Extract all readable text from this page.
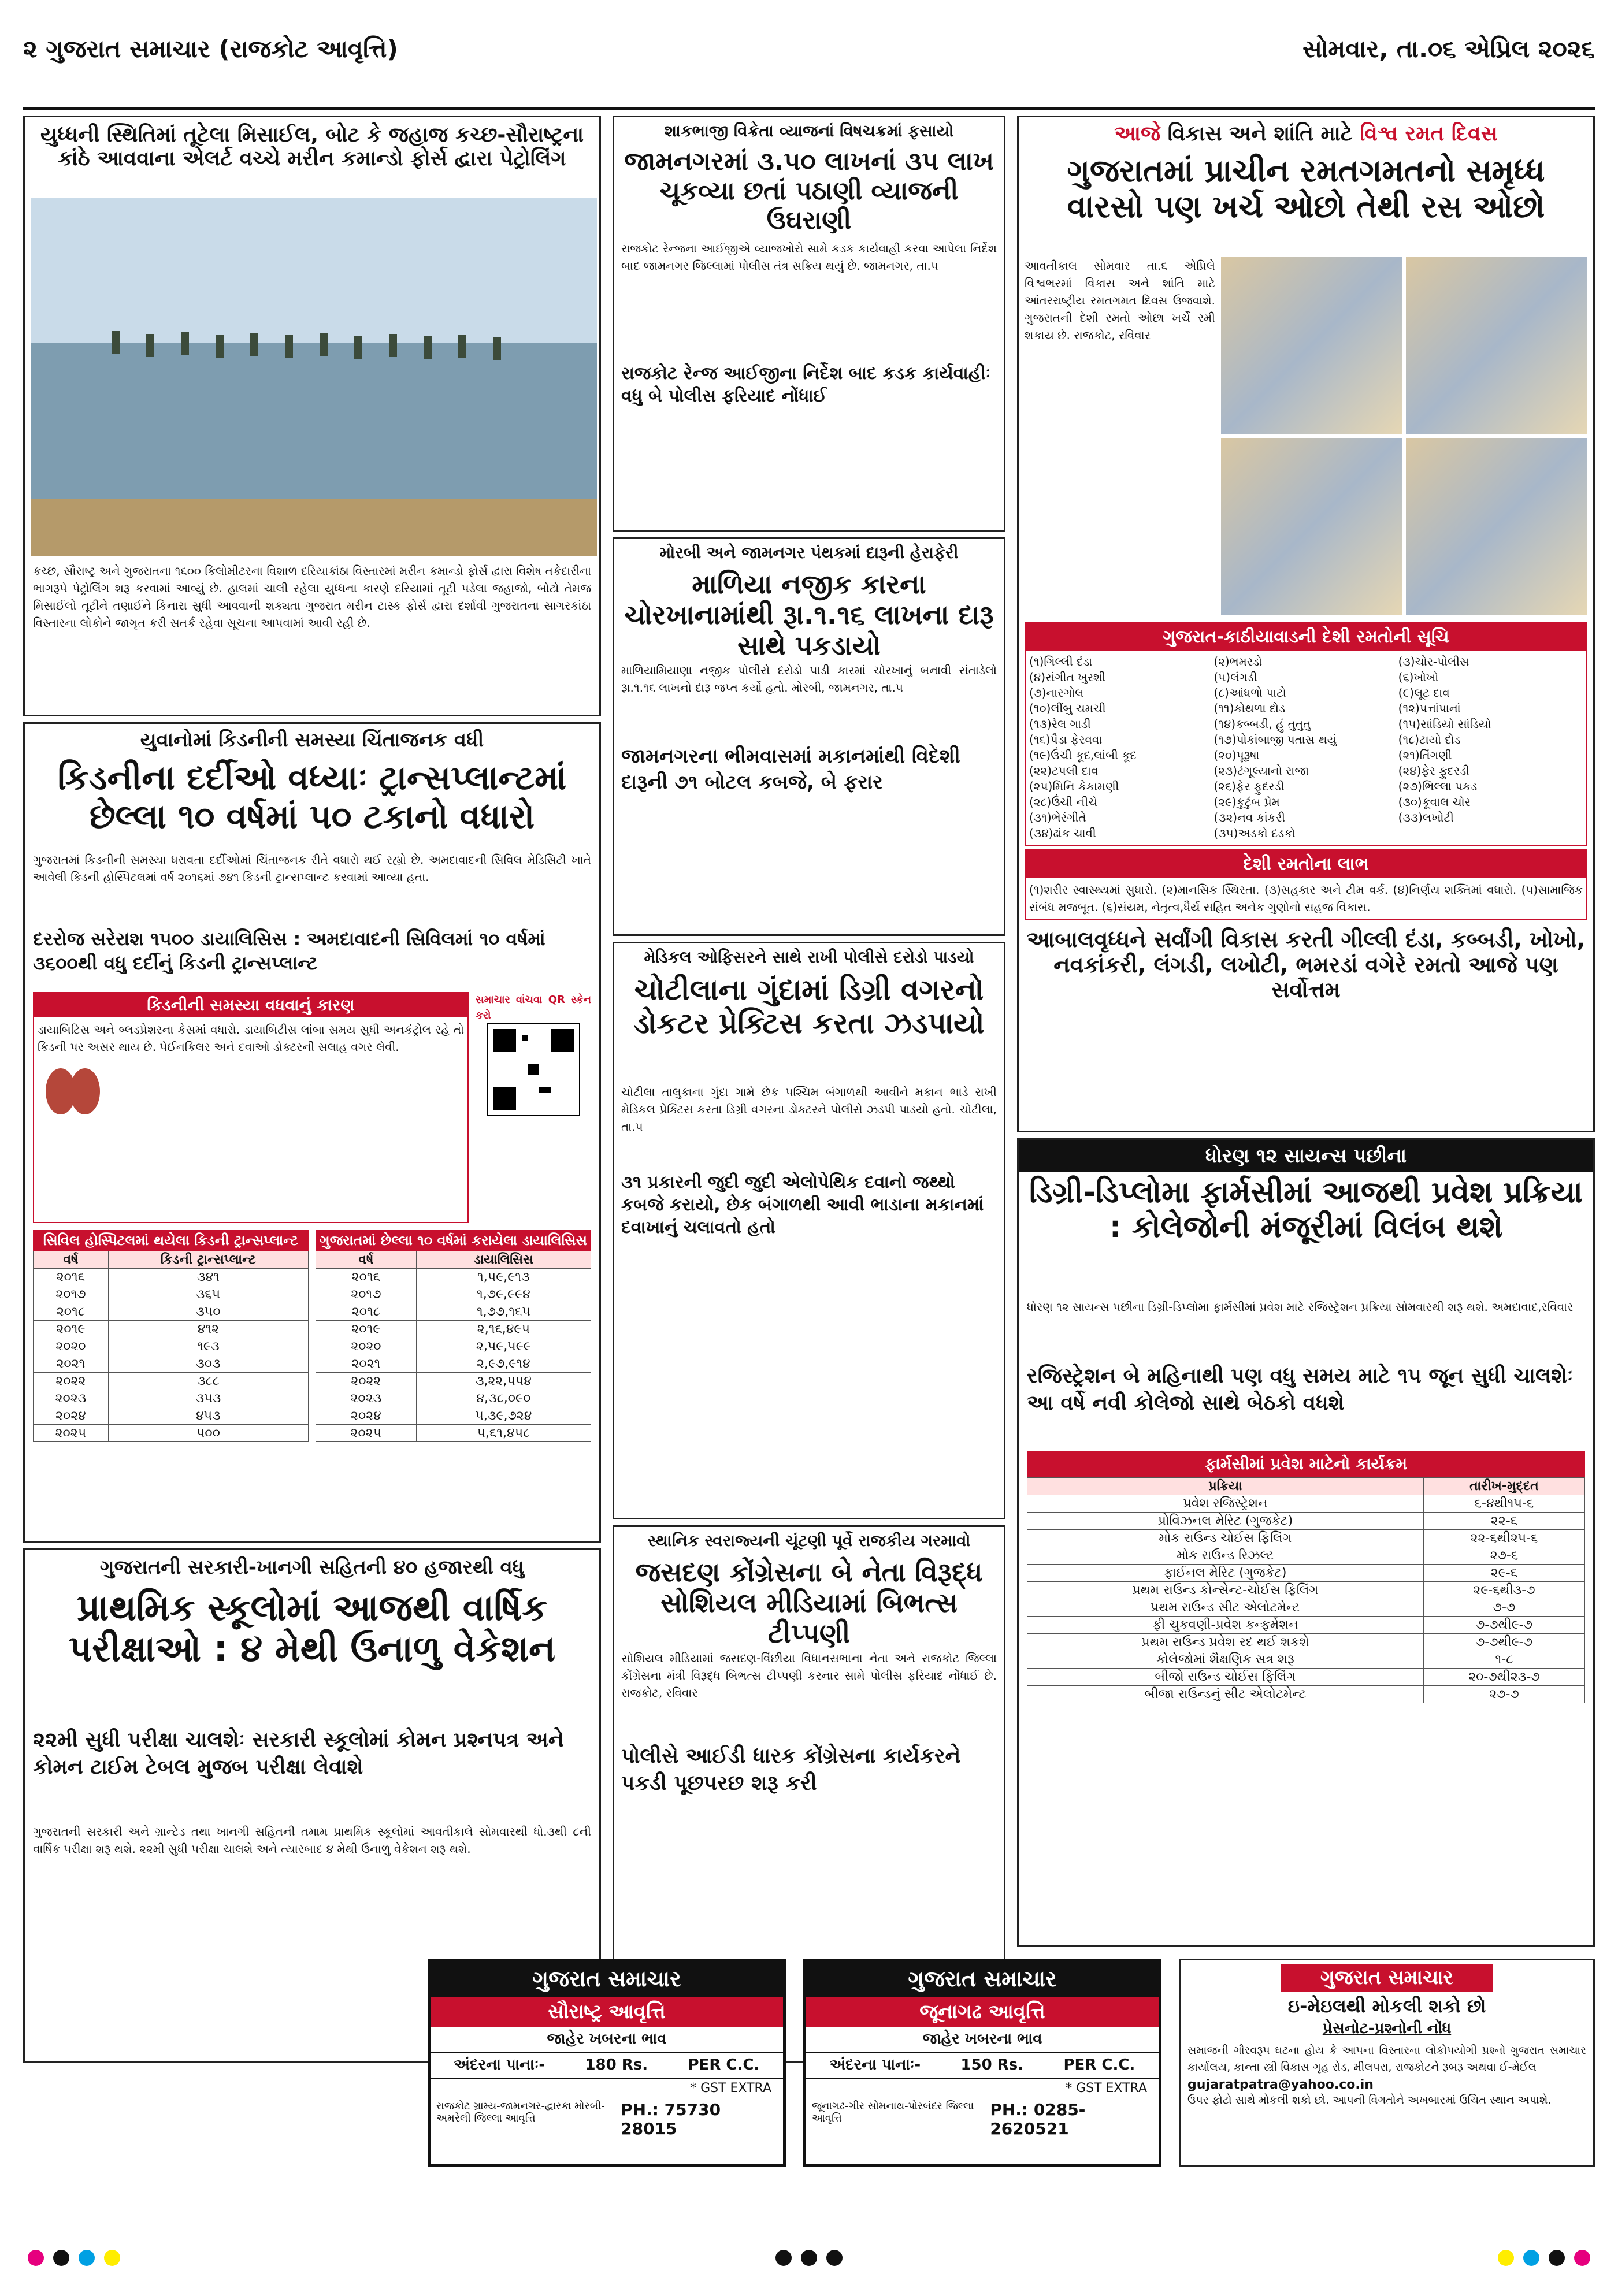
૨ ગુજરાત સમાચાર (રાજકોટ આવૃત્તિ)	સોમવાર, તા.૦૬ એપ્રિલ ૨૦૨૬
યુધ્ધની સ્થિતિમાં તૂટેલા મિસાઈલ, બોટ કે જહાજ કચ્છ-સૌરાષ્ટ્રના કાંઠે આવવાના એલર્ટ વચ્ચે મરીન કમાન્ડો ફોર્સ દ્વારા પેટ્રોલિંગ
કચ્છ, સૌરાષ્ટ્ર અને ગુજરાતના ૧૬૦૦ કિલોમીટરના વિશાળ દરિયાકાંઠા વિસ્તારમાં મરીન કમાન્ડો ફોર્સ દ્વારા વિશેષ તકેદારીના ભાગરૂપે પેટ્રોલિંગ શરૂ કરવામાં આવ્યું છે. હાલમાં ચાલી રહેલા યુધ્ધના કારણે દરિયામાં તૂટી પડેલા જહાજો, બોટો તેમજ મિસાઈલો તૂટીને તણાઈને કિનારા સુધી આવવાની શક્યતા ગુજરાત મરીન ટાસ્ક ફોર્સ દ્વારા દર્શાવી ગુજરાતના સાગરકાંઠા વિસ્તારના લોકોને જાગૃત કરી સતર્ક રહેવા સૂચના આપવામાં આવી રહી છે.
યુવાનોમાં કિડનીની સમસ્યા ચિંતાજનક વધી
કિડનીના દર્દીઓ વધ્યાઃ ટ્રાન્સપ્લાન્ટમાં છેલ્લા ૧૦ વર્ષમાં ૫૦ ટકાનો વધારો
ગુજરાતમાં કિડનીની સમસ્યા ધરાવતા દર્દીઓમાં ચિંતાજનક રીતે વધારો થઈ રહ્યો છે. અમદાવાદની સિવિલ મેડિસિટી ખાતે આવેલી કિડની હોસ્પિટલમાં વર્ષ ૨૦૧૬માં ૭૪૧ કિડની ટ્રાન્સપ્લાન્ટ કરવામાં આવ્યા હતા.
દરરોજ સરેરાશ ૧૫૦૦ ડાયાલિસિસ : અમદાવાદની સિવિલમાં ૧૦ વર્ષમાં ૩૬૦૦થી વધુ દર્દીનું કિડની ટ્રાન્સપ્લાન્ટ
કિડનીની સમસ્યા વધવાનું કારણ
ડાયાબિટિસ અને બ્લડપ્રેશરના કેસમાં વધારો. ડાયાબિટીસ લાંબા સમય સુધી અનકંટ્રોલ રહે તો કિડની પર અસર થાય છે. પેઈનકિલર અને દવાઓ ડોક્ટરની સલાહ વગર લેવી.
સમાચાર વાંચવા QR સ્કેન કરો
સિવિલ હોસ્પિટલમાં થયેલા કિડની ટ્રાન્સપ્લાન્ટ
વર્ષ	કિડની ટ્રાન્સપ્લાન્ટ
૨૦૧૬	૩૪૧
૨૦૧૭	૩૬૫
૨૦૧૮	૩૫૦
૨૦૧૯	૪૧૨
૨૦૨૦	૧૯૩
૨૦૨૧	૩૦૩
૨૦૨૨	૩૮૮
૨૦૨૩	૩૫૩
૨૦૨૪	૪૫૩
૨૦૨૫	૫૦૦
ગુજરાતમાં છેલ્લા ૧૦ વર્ષમાં કરાયેલા ડાયાલિસિસ
વર્ષ	ડાયાલિસિસ
૨૦૧૬	૧,૫૯,૯૧૩
૨૦૧૭	૧,૭૯,૯૯૪
૨૦૧૮	૧,૭૭,૧૬૫
૨૦૧૯	૨,૧૬,૪૯૫
૨૦૨૦	૨,૫૯,૫૯૯
૨૦૨૧	૨,૯૭,૯૧૪
૨૦૨૨	૩,૨૨,૫૫૪
૨૦૨૩	૪,૩૮,૦૯૦
૨૦૨૪	૫,૩૯,૭૨૪
૨૦૨૫	૫,૬૧,૪૫૮
ગુજરાતની સરકારી-ખાનગી સહિતની ૪૦ હજારથી વધુ
પ્રાથમિક સ્કૂલોમાં આજથી વાર્ષિક પરીક્ષાઓ : ૪ મેથી ઉનાળુ વેકેશન
૨૨મી સુધી પરીક્ષા ચાલશેઃ સરકારી સ્કૂલોમાં કોમન પ્રશ્નપત્ર અને કોમન ટાઈમ ટેબલ મુજબ પરીક્ષા લેવાશે
ગુજરાતની સરકારી અને ગ્રાન્ટેડ તથા ખાનગી સહિતની તમામ પ્રાથમિક સ્કૂલોમાં આવતીકાલે સોમવારથી ધો.૩થી ૮ની વાર્ષિક પરીક્ષા શરૂ થશે. ૨૨મી સુધી પરીક્ષા ચાલશે અને ત્યારબાદ ૪ મેથી ઉનાળુ વેકેશન શરૂ થશે.
શાકભાજી વિક્રેતા વ્યાજનાં વિષચક્રમાં ફસાયો
જામનગરમાં ૩.૫૦ લાખનાં ૩૫ લાખ ચૂકવ્યા છતાં પઠાણી વ્યાજની ઉઘરાણી
રાજકોટ રેન્જના આઈજીએ વ્યાજખોરો સામે કડક કાર્યવાહી કરવા આપેલા નિર્દેશ બાદ જામનગર જિલ્લામાં પોલીસ તંત્ર સક્રિય થયું છે. જામનગર, તા.૫
રાજકોટ રેન્જ આઈજીના નિર્દેશ બાદ કડક કાર્યવાહીઃ વધુ બે પોલીસ ફરિયાદ નોંધાઈ
મોરબી અને જામનગર પંથકમાં દારૂની હેરાફેરી
માળિયા નજીક કારના ચોરખાનામાંથી રૂા.૧.૧૬ લાખના દારૂ સાથે પકડાયો
માળિયામિયાણા નજીક પોલીસે દરોડો પાડી કારમાં ચોરખાનું બનાવી સંતાડેલો રૂા.૧.૧૬ લાખનો દારૂ જપ્ત કર્યો હતો. મોરબી, જામનગર, તા.૫
જામનગરના ભીમવાસમાં મકાનમાંથી વિદેશી દારૂની ૭૧ બોટલ કબજે, બે ફરાર
મેડિકલ ઓફિસરને સાથે રાખી પોલીસે દરોડો પાડયો
ચોટીલાના ગુંદામાં ડિગ્રી વગરનો ડોકટર પ્રેક્ટિસ કરતા ઝડપાયો
ચોટીલા તાલુકાના ગુંદા ગામે છેક પશ્ચિમ બંગાળથી આવીને મકાન ભાડે રાખી મેડિકલ પ્રેક્ટિસ કરતા ડિગ્રી વગરના ડોક્ટરને પોલીસે ઝડપી પાડયો હતો. ચોટીલા, તા.૫
૩૧ પ્રકારની જુદી જુદી એલોપેથિક દવાનો જથ્થો કબજે કરાયો, છેક બંગાળથી આવી ભાડાના મકાનમાં દવાખાનું ચલાવતો હતો
સ્થાનિક સ્વરાજ્યની ચૂંટણી પૂર્વે રાજકીય ગરમાવો
જસદણ કોંગ્રેસના બે નેતા વિરૂદ્ધ સોશિયલ મીડિયામાં બિભત્સ ટીપ્પણી
સોશિયલ મીડિયામાં જસદણ-વિંછીયા વિધાનસભાના નેતા અને રાજકોટ જિલ્લા કોંગ્રેસના મંત્રી વિરૂદ્ધ બિભત્સ ટીપ્પણી કરનાર સામે પોલીસ ફરિયાદ નોંધાઈ છે. રાજકોટ, રવિવાર
પોલીસે આઈડી ધારક કોંગ્રેસના કાર્યકરને પકડી પૂછપરછ શરૂ કરી
આજે વિકાસ અને શાંતિ માટે વિશ્વ રમત દિવસ
ગુજરાતમાં પ્રાચીન રમતગમતનો સમૃધ્ધ વારસો પણ ખર્ચ ઓછો તેથી રસ ઓછો
આવતીકાલ સોમવાર તા.૬ એપ્રિલે વિશ્વભરમાં વિકાસ અને શાંતિ માટે આંતરરાષ્ટ્રીય રમતગમત દિવસ ઉજવાશે. ગુજરાતની દેશી રમતો ઓછા ખર્ચે રમી શકાય છે. રાજકોટ, રવિવાર
ગુજરાત-કાઠીયાવાડની દેશી રમતોની સૂચિ
(૧)ગિલ્લી દંડા	(૨)ભમરડો	(૩)ચોર-પોલીસ
(૪)સંગીત ખુરશી	(૫)લંગડી	(૬)ખોખો
(૭)નારગોલ	(૮)આંધળો પાટો	(૯)લૂટ દાવ
(૧૦)લીંબુ ચમચી	(૧૧)કોથળા દોડ	(૧૨)પત્તાંપાનાં
(૧૩)રેલ ગાડી	(૧૪)કબ્બડી, હું તુતુતુ	(૧૫)સાંડિયો સાંડિયો
(૧૬)પૈડા ફેરવવા	(૧૭)પોકાંબાજી પતાસ થયું	(૧૮)ટાયો દોડ
(૧૯)ઉંચી કૂદ,લાંબી કૂદ	(૨૦)પૂરૂષા	(૨૧)તિંગણી
(૨૨)ટપલી દાવ	(૨૩)ટંગૂલ્યાનો રાજા	(૨૪)ફેર ફુદરડી
(૨૫)મિનિ કેકામણી	(૨૬)ફેર ફુદરડી	(૨૭)ભિલ્લા પકડ
(૨૮)ઉંચી નીચે	(૨૯)કુટુંબ પ્રેમ	(૩૦)કૂવાલ ચોર
(૩૧)ભેરંગીતે	(૩૨)નવ કાંકરી	(૩૩)લખોટી
(૩૪)ઢાંક ચાવી	(૩૫)અડકો દડકો
દેશી રમતોના લાભ
(૧)શરીર સ્વાસ્થ્યમાં સુધારો. (૨)માનસિક સ્થિરતા. (૩)સહકાર અને ટીમ વર્ક. (૪)નિર્ણય શક્તિમાં વધારો. (૫)સામાજિક સંબંધ મજબૂત. (૬)સંયમ, નેતૃત્વ,ધૈર્ય સહિત અનેક ગુણોનો સહજ વિકાસ.
આબાલવૃધ્ધને સર્વાંગી વિકાસ કરતી ગીલ્લી દંડા, કબ્બડી, ખોખો, નવકાંકરી, લંગડી, લખોટી, ભમરડાં વગેરે રમતો આજે પણ સર્વોત્તમ
ધોરણ ૧૨ સાયન્સ પછીના
ડિગ્રી-ડિપ્લોમા ફાર્મસીમાં આજથી પ્રવેશ પ્રક્રિયા : કોલેજોની મંજૂરીમાં વિલંબ થશે
ધોરણ ૧૨ સાયન્સ પછીના ડિગ્રી-ડિપ્લોમા ફાર્મસીમાં પ્રવેશ માટે રજિસ્ટ્રેશન પ્રક્રિયા સોમવારથી શરૂ થશે. અમદાવાદ,રવિવાર
રજિસ્ટ્રેશન બે મહિનાથી પણ વધુ સમય માટે ૧૫ જૂન સુધી ચાલશેઃ આ વર્ષે નવી કોલેજો સાથે બેઠકો વધશે
ફાર્મસીમાં પ્રવેશ માટેનો કાર્યક્રમ
પ્રક્રિયા	તારીખ-મુદ્દત
પ્રવેશ રજિસ્ટ્રેશન	૬-૪થી૧૫-૬
પ્રોવિઝનલ મેરિટ (ગુજકેટ)	૨૨-૬
મોક રાઉન્ડ ચોઈસ ફિલિંગ	૨૨-૬થી૨૫-૬
મોક રાઉન્ડ રિઝલ્ટ	૨૭-૬
ફાઈનલ મેરિટ (ગુજકેટ)	૨૯-૬
પ્રથમ રાઉન્ડ કોન્સેન્ટ-ચોઈસ ફિલિંગ	૨૯-૬થી૩-૭
પ્રથમ રાઉન્ડ સીટ એલોટમેન્ટ	૭-૭
ફી ચુકવણી-પ્રવેશ કન્ફર્મેશન	૭-૭થી૯-૭
પ્રથમ રાઉન્ડ પ્રવેશ રદ થઈ શકશે	૭-૭થી૯-૭
કોલેજોમાં શૈક્ષણિક સત્ર શરૂ	૧-૮
બીજો રાઉન્ડ ચોઈસ ફિલિંગ	૨૦-૭થી૨૩-૭
બીજા રાઉન્ડનું સીટ એલોટમેન્ટ	૨૭-૭
ગુજરાત સમાચાર
સૌરાષ્ટ્ર આવૃત્તિ
જાહેર ખબરના ભાવ
અંદરના પાનાઃ-	180 Rs.	PER C.C.
* GST EXTRA
રાજકોટ ગ્રામ્ય-જામનગર-દ્વારકા મોરબી-અમરેલી જિલ્લા આવૃત્તિ	PH.: 75730 28015
ગુજરાત સમાચાર
જૂનાગઢ આવૃત્તિ
જાહેર ખબરના ભાવ
અંદરના પાનાઃ-	150 Rs.	PER C.C.
* GST EXTRA
જૂનાગઢ-ગીર સોમનાથ-પોરબંદર જિલ્લા આવૃત્તિ	PH.: 0285-2620521
ગુજરાત સમાચાર
ઇ-મેઇલથી મોકલી શકો છો
પ્રેસનોટ-પ્રશ્નોની નોંધ
સમાજની ગૌરવરૂપ ઘટના હોય કે આપના વિસ્તારના લોકોપયોગી પ્રશ્નો ગુજરાત સમાચાર કાર્યાલય, કાન્તા સ્ત્રી વિકાસ ગૃહ રોડ, મીલપરા, રાજકોટને રૂબરૂ અથવા ઈ-મેઈલ
gujaratpatra@yahoo.co.in
ઉપર ફોટો સાથે મોકલી શકો છો. આપની વિગતોને અખબારમાં ઉચિત સ્થાન અપાશે.
